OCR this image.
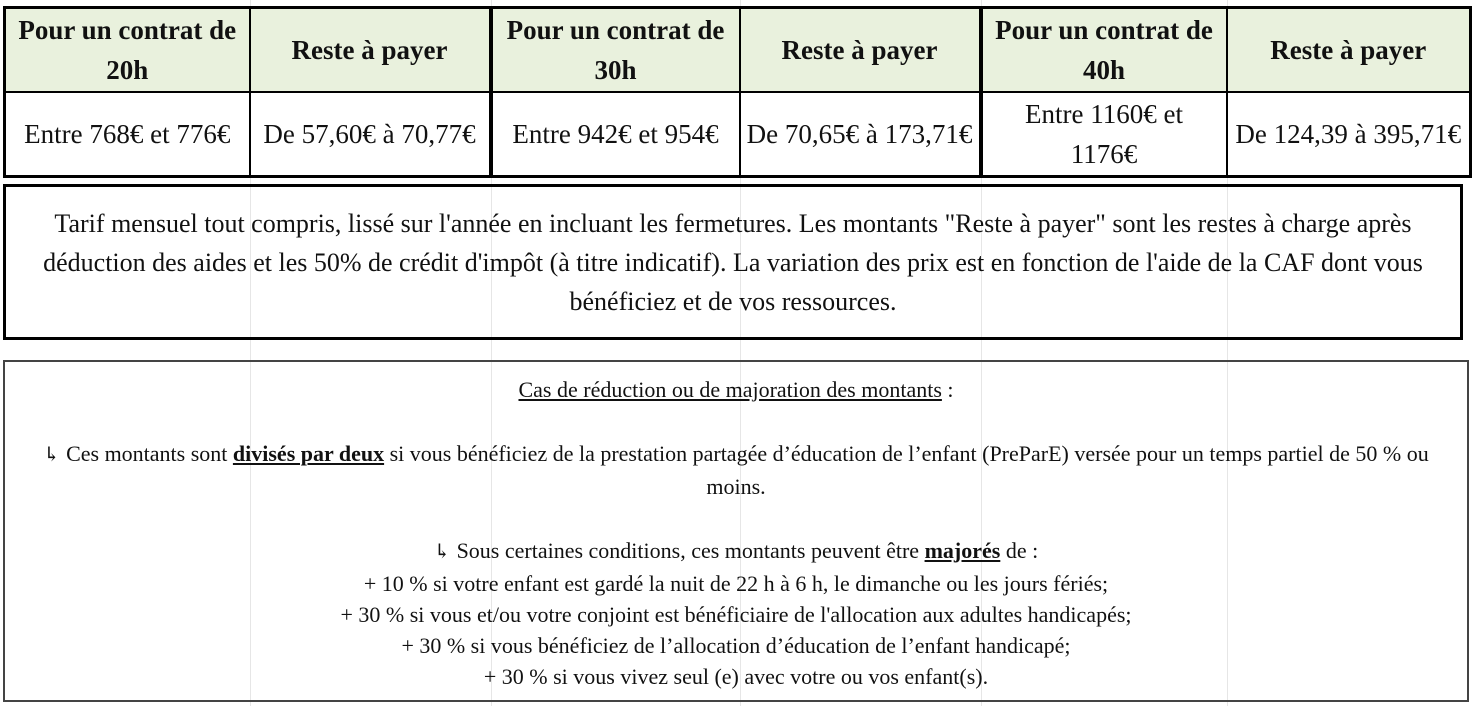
Pour un contrat de 20h	Reste à payer	Pour un contrat de 30h	Reste à payer	Pour un contrat de 40h	Reste à payer
Entre 768€ et 776€	De 57,60€ à 70,77€	Entre 942€ et 954€	De 70,65€ à 173,71€	Entre 1160€ et 1176€	De 124,39 à 395,71€
Tarif mensuel tout compris, lissé sur l'année en incluant les fermetures. Les montants "Reste à payer" sont les restes à charge après déduction des aides et les 50% de crédit d'impôt (à titre indicatif). La variation des prix est en fonction de l'aide de la CAF dont vous bénéficiez et de vos ressources.

Cas de réduction ou de majoration des montants :

↳ Ces montants sont divisés par deux si vous bénéficiez de la prestation partagée d’éducation de l’enfant (PreParE) versée pour un temps partiel de 50 % ou moins.

↳ Sous certaines conditions, ces montants peuvent être majorés de :

+ 10 % si votre enfant est gardé la nuit de 22 h à 6 h, le dimanche ou les jours fériés;

+ 30 % si vous et/ou votre conjoint est bénéficiaire de l'allocation aux adultes handicapés;

+ 30 % si vous bénéficiez de l’allocation d’éducation de l’enfant handicapé;

+ 30 % si vous vivez seul (e) avec votre ou vos enfant(s).
